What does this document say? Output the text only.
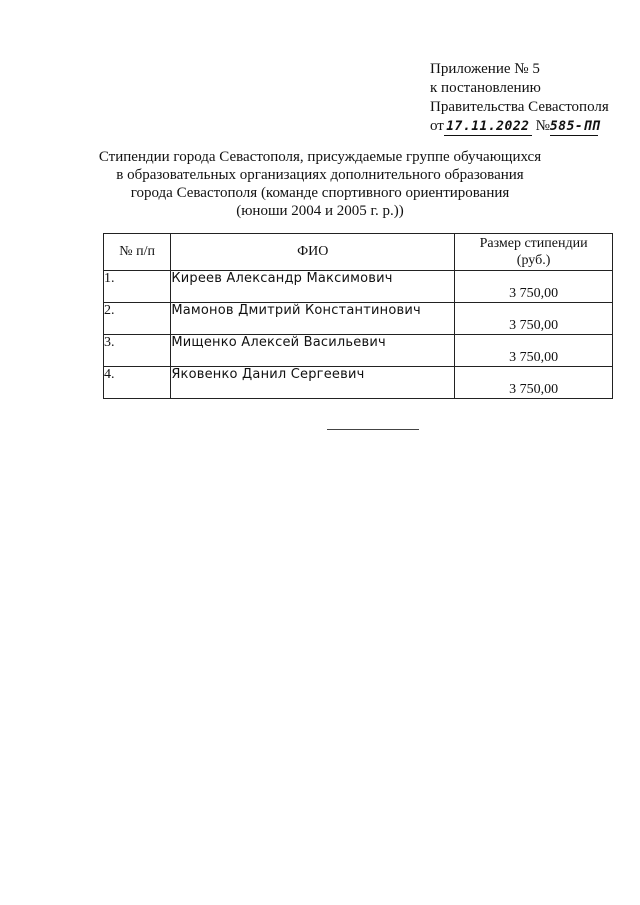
Приложение № 5
к постановлению
Правительства Севастополя
от 17.11.2022 №585-ПП
Стипендии города Севастополя, присуждаемые группе обучающихся
в образовательных организациях дополнительного образования
города Севастополя (команде спортивного ориентирования
(юноши 2004 и 2005 г. р.))
№ п/п	ФИО	Размер стипендии
(руб.)

1.	Киреев Александр Максимович	3 750,00
2.	Мамонов Дмитрий Константинович	3 750,00
3.	Мищенко Алексей Васильевич	3 750,00
4.	Яковенко Данил Сергеевич	3 750,00
